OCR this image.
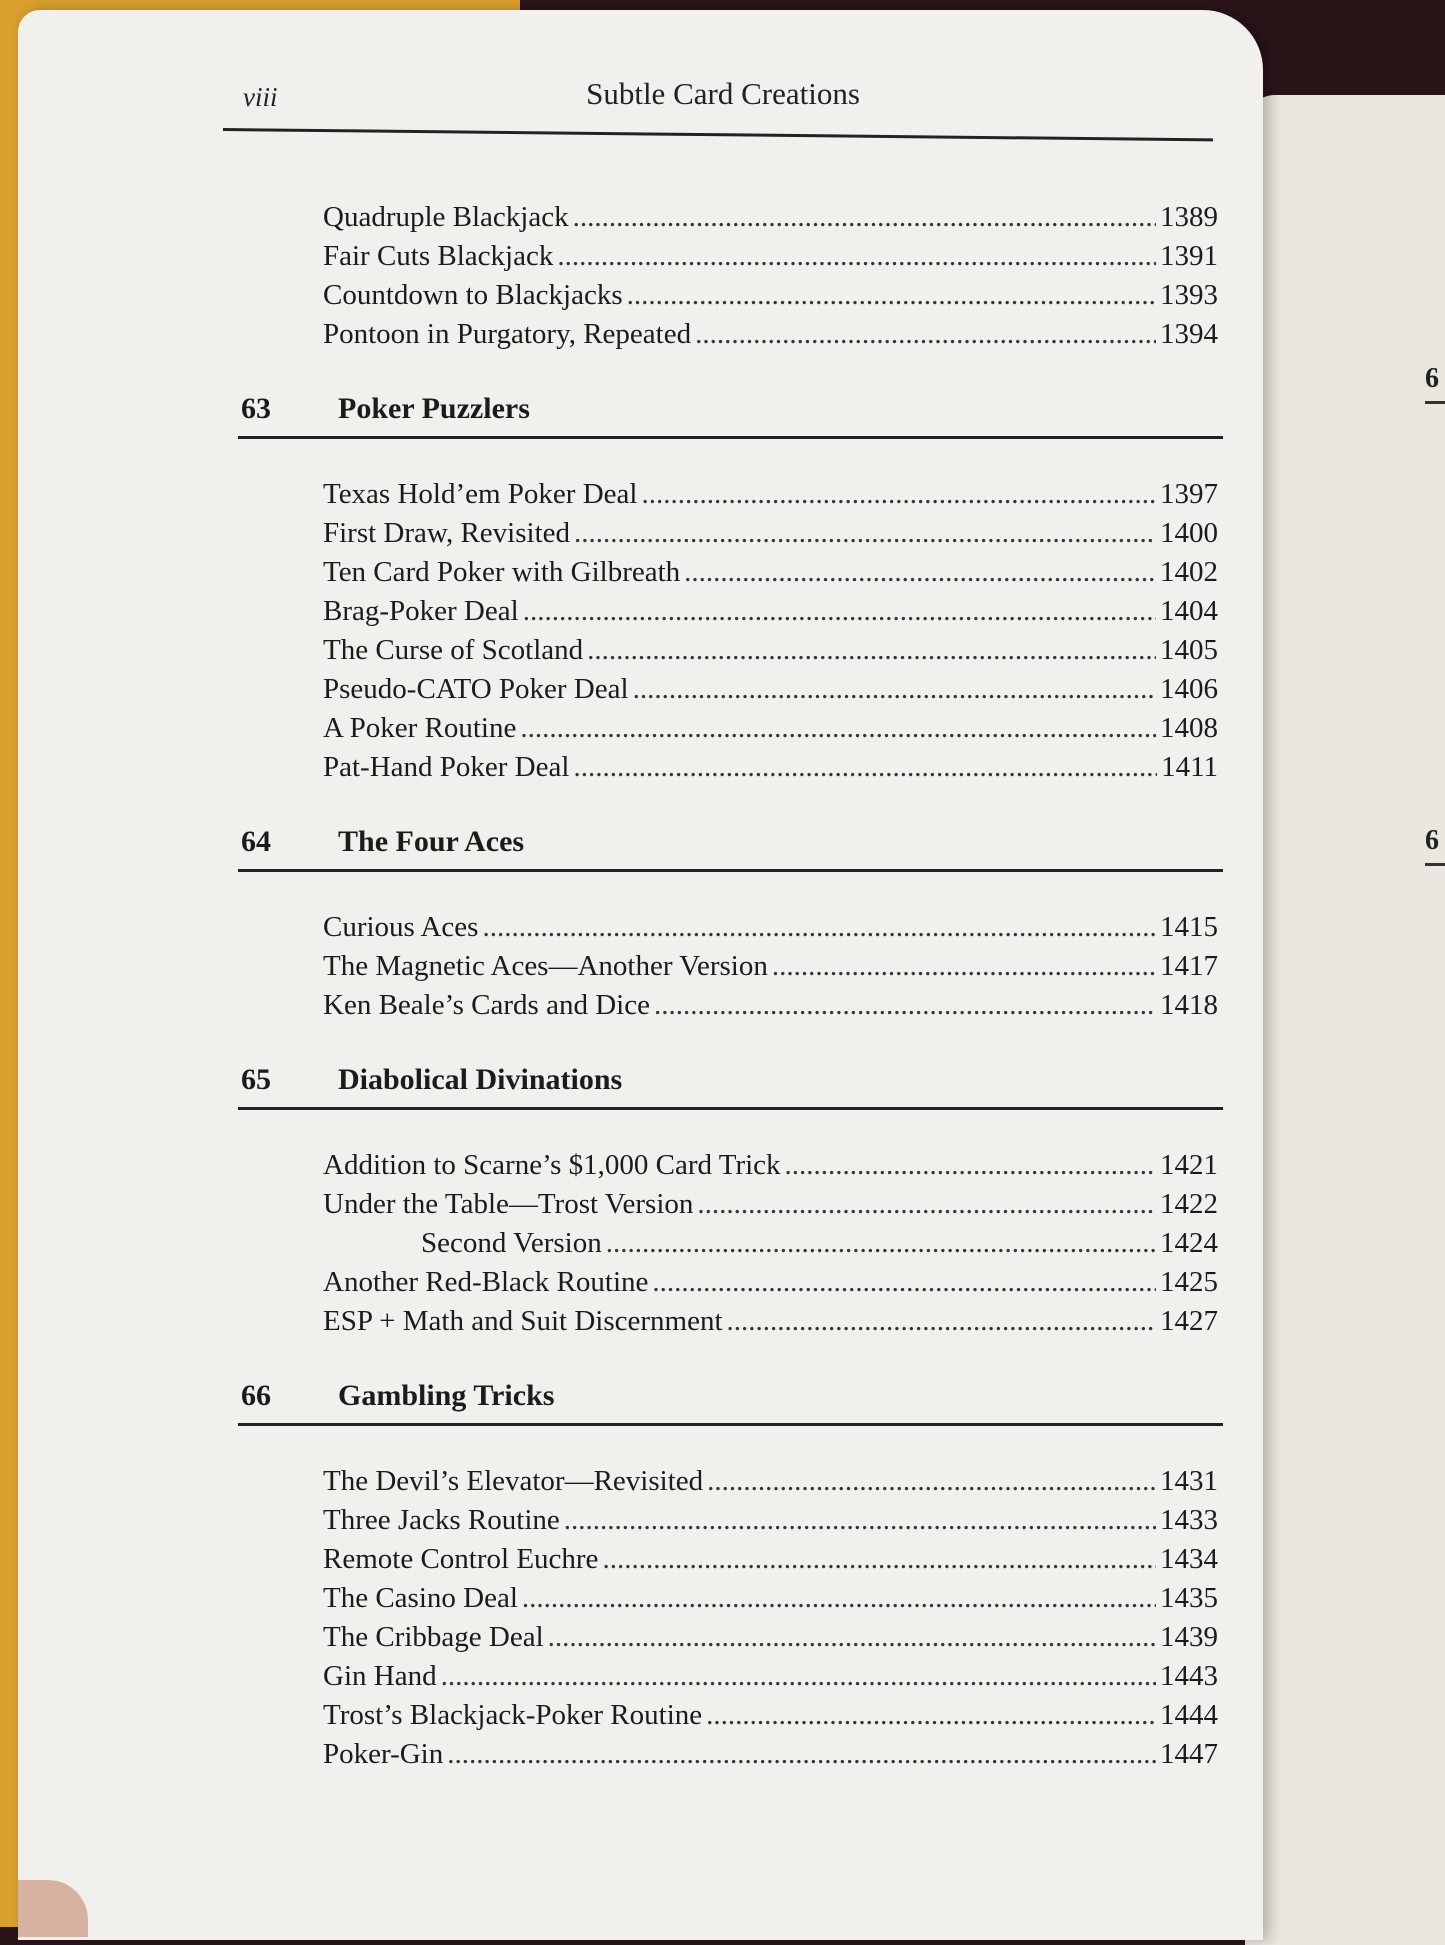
6
6
viii	Subtle Card Creations
Quadruple Blackjack .....	1389
Fair Cuts Blackjack .....	1391
Countdown to Blackjacks .....	1393
Pontoon in Purgatory, Repeated .....	1394
63 Poker Puzzlers
Texas Hold’em Poker Deal .....	1397
First Draw, Revisited .....	1400
Ten Card Poker with Gilbreath .....	1402
Brag-Poker Deal .....	1404
The Curse of Scotland .....	1405
Pseudo-CATO Poker Deal .....	1406
A Poker Routine .....	1408
Pat-Hand Poker Deal .....	1411
64 The Four Aces
Curious Aces .....	1415
The Magnetic Aces—Another Version .....	1417
Ken Beale’s Cards and Dice .....	1418
65 Diabolical Divinations
Addition to Scarne’s $1,000 Card Trick .....	1421
Under the Table—Trost Version .....	1422
Second Version .....	1424
Another Red-Black Routine .....	1425
ESP + Math and Suit Discernment .....	1427
66 Gambling Tricks
The Devil’s Elevator—Revisited .....	1431
Three Jacks Routine .....	1433
Remote Control Euchre .....	1434
The Casino Deal .....	1435
The Cribbage Deal .....	1439
Gin Hand .....	1443
Trost’s Blackjack-Poker Routine .....	1444
Poker-Gin .....	1447
